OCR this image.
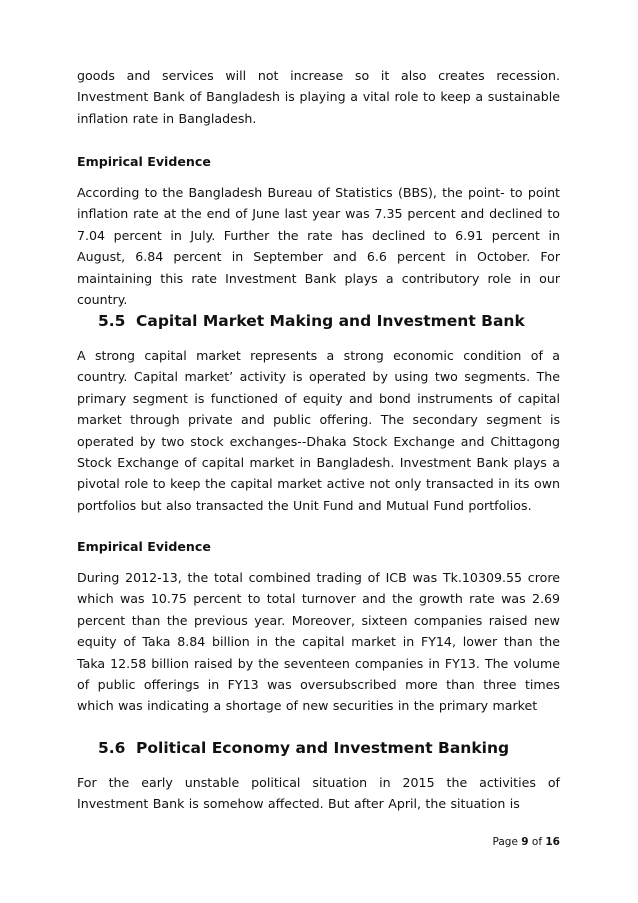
goods and services will not increase so it also creates recession. Investment Bank of Bangladesh is playing a vital role to keep a sustainable inflation rate in Bangladesh.

Empirical Evidence

According to the Bangladesh Bureau of Statistics (BBS), the point- to point inflation rate at the end of June last year was 7.35 percent and declined to 7.04 percent in July. Further the rate has declined to 6.91 percent in August, 6.84 percent in September and 6.6 percent in October. For maintaining this rate Investment Bank plays a contributory role in our country.

5.5 Capital Market Making and Investment Bank

A strong capital market represents a strong economic condition of a country. Capital market’ activity is operated by using two segments. The primary segment is functioned of equity and bond instruments of capital market through private and public offering. The secondary segment is operated by two stock exchanges--Dhaka Stock Exchange and Chittagong Stock Exchange of capital market in Bangladesh. Investment Bank plays a pivotal role to keep the capital market active not only transacted in its own portfolios but also transacted the Unit Fund and Mutual Fund portfolios.

Empirical Evidence

During 2012-13, the total combined trading of ICB was Tk.10309.55 crore which was 10.75 percent to total turnover and the growth rate was 2.69 percent than the previous year. Moreover, sixteen companies raised new equity of Taka 8.84 billion in the capital market in FY14, lower than the Taka 12.58 billion raised by the seventeen companies in FY13. The volume of public offerings in FY13 was oversubscribed more than three times which was indicating a shortage of new securities in the primary market

5.6 Political Economy and Investment Banking

For the early unstable political situation in 2015 the activities of Investment Bank is somehow affected. But after April, the situation is

Page 9 of 16
